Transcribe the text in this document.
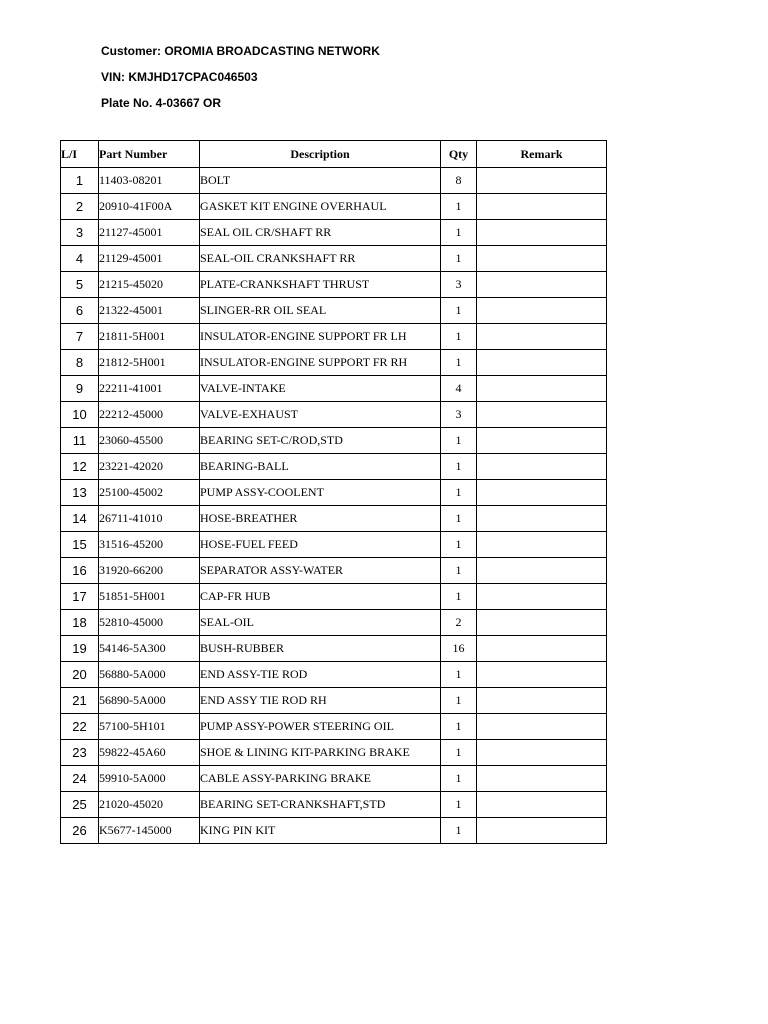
Customer: OROMIA BROADCASTING NETWORK
VIN: KMJHD17CPAC046503
Plate No. 4-03667 OR
L/I	Part Number	Description	Qty	Remark
1	11403-08201	BOLT	8	
2	20910-41F00A	GASKET KIT ENGINE OVERHAUL	1	
3	21127-45001	SEAL OIL CR/SHAFT RR	1	
4	21129-45001	SEAL-OIL CRANKSHAFT RR	1	
5	21215-45020	PLATE-CRANKSHAFT THRUST	3	
6	21322-45001	SLINGER-RR OIL SEAL	1	
7	21811-5H001	INSULATOR-ENGINE SUPPORT FR LH	1	
8	21812-5H001	INSULATOR-ENGINE SUPPORT FR RH	1	
9	22211-41001	VALVE-INTAKE	4	
10	22212-45000	VALVE-EXHAUST	3	
11	23060-45500	BEARING SET-C/ROD,STD	1	
12	23221-42020	BEARING-BALL	1	
13	25100-45002	PUMP ASSY-COOLENT	1	
14	26711-41010	HOSE-BREATHER	1	
15	31516-45200	HOSE-FUEL FEED	1	
16	31920-66200	SEPARATOR ASSY-WATER	1	
17	51851-5H001	CAP-FR HUB	1	
18	52810-45000	SEAL-OIL	2	
19	54146-5A300	BUSH-RUBBER	16	
20	56880-5A000	END ASSY-TIE ROD	1	
21	56890-5A000	END ASSY TIE ROD RH	1	
22	57100-5H101	PUMP ASSY-POWER STEERING OIL	1	
23	59822-45A60	SHOE & LINING KIT-PARKING BRAKE	1	
24	59910-5A000	CABLE ASSY-PARKING BRAKE	1	
25	21020-45020	BEARING SET-CRANKSHAFT,STD	1	
26	K5677-145000	KING PIN KIT	1	
